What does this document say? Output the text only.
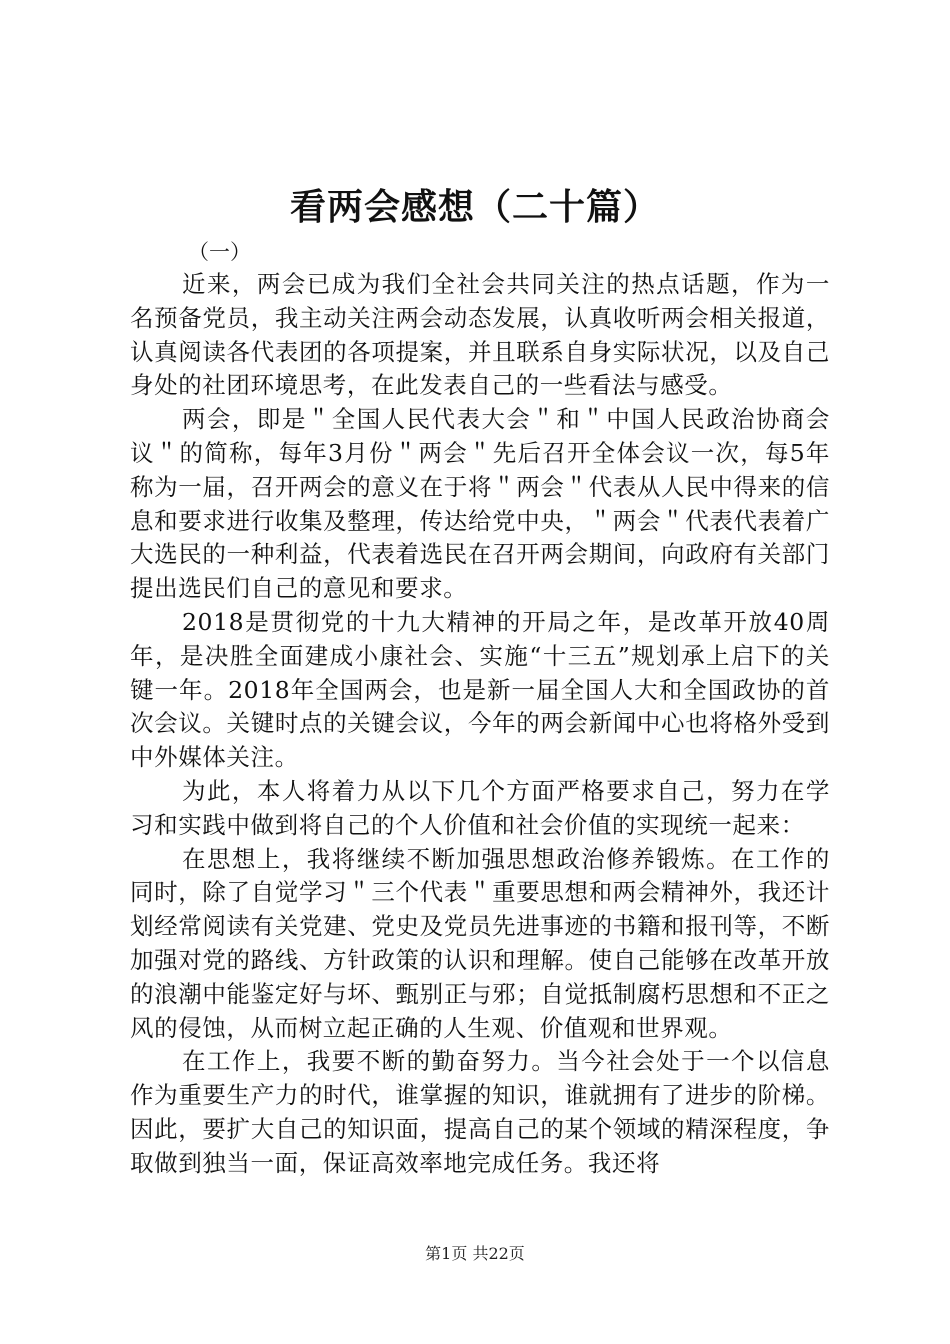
看两会感想（二十篇）

（一）

近来，两会已成为我们全社会共同关注的热点话题，作为一名预备党员，我主动关注两会动态发展，认真收听两会相关报道，认真阅读各代表团的各项提案，并且联系自身实际状况，以及自己身处的社团环境思考，在此发表自己的一些看法与感受。

两会，即是＂全国人民代表大会＂和＂中国人民政治协商会议＂的简称，每年3月份＂两会＂先后召开全体会议一次，每5年称为一届，召开两会的意义在于将＂两会＂代表从人民中得来的信息和要求进行收集及整理，传达给党中央，＂两会＂代表代表着广大选民的一种利益，代表着选民在召开两会期间，向政府有关部门提出选民们自己的意见和要求。

2018是贯彻党的十九大精神的开局之年，是改革开放40周年，是决胜全面建成小康社会、实施“十三五”规划承上启下的关键一年。2018年全国两会，也是新一届全国人大和全国政协的首次会议。关键时点的关键会议，今年的两会新闻中心也将格外受到中外媒体关注。

为此，本人将着力从以下几个方面严格要求自己，努力在学习和实践中做到将自己的个人价值和社会价值的实现统一起来：

在思想上，我将继续不断加强思想政治修养锻炼。在工作的同时，除了自觉学习＂三个代表＂重要思想和两会精神外，我还计划经常阅读有关党建、党史及党员先进事迹的书籍和报刊等，不断加强对党的路线、方针政策的认识和理解。使自己能够在改革开放的浪潮中能鉴定好与坏、甄别正与邪；自觉抵制腐朽思想和不正之风的侵蚀，从而树立起正确的人生观、价值观和世界观。

在工作上，我要不断的勤奋努力。当今社会处于一个以信息作为重要生产力的时代，谁掌握的知识，谁就拥有了进步的阶梯。因此，要扩大自己的知识面，提高自己的某个领域的精深程度，争取做到独当一面，保证高效率地完成任务。我还将

第1页 共22页
